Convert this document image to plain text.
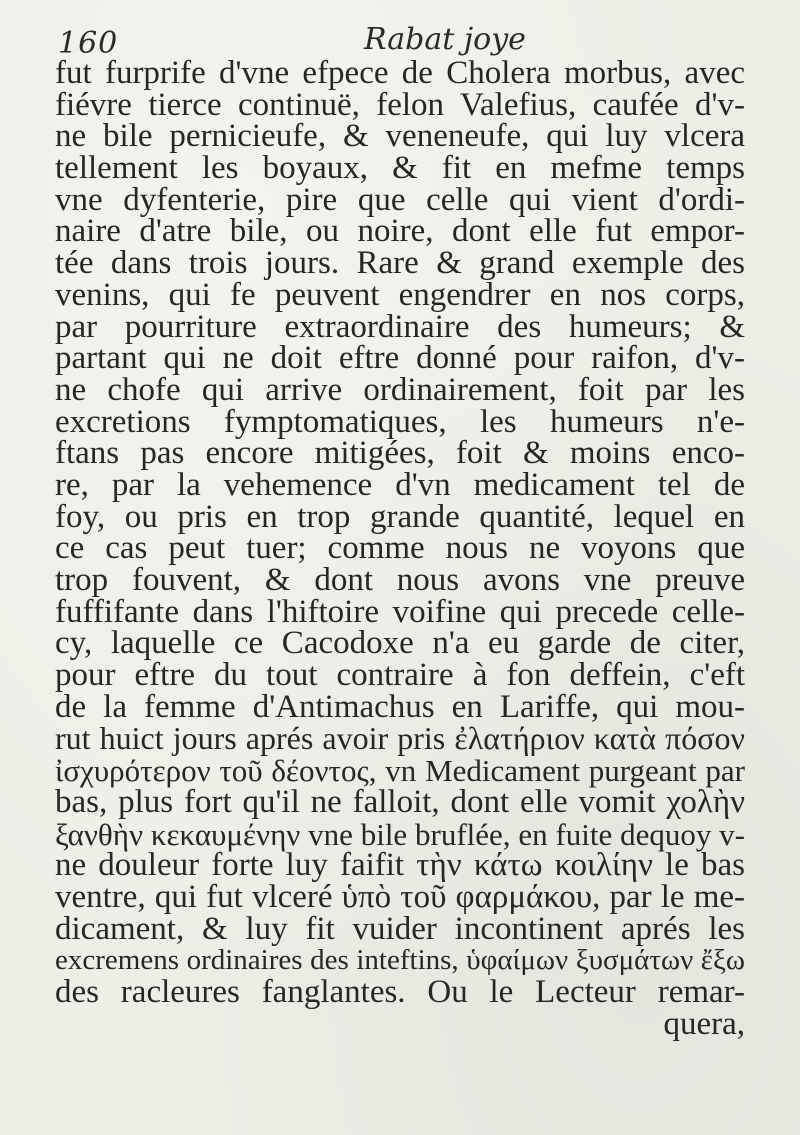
160	Rabat joye
fut furprife d'vne efpece de Cholera morbus, avec
fiévre tierce continuë, felon Valefius, caufée d'v-
ne bile pernicieufe, & veneneufe, qui luy vlcera
tellement les boyaux, & fit en mefme temps
vne dyfenterie, pire que celle qui vient d'ordi-
naire d'atre bile, ou noire, dont elle fut empor-
tée dans trois jours. Rare & grand exemple des
venins, qui fe peuvent engendrer en nos corps,
par pourriture extraordinaire des humeurs; &
partant qui ne doit eftre donné pour raifon, d'v-
ne chofe qui arrive ordinairement, foit par les
excretions fymptomatiques, les humeurs n'e-
ftans pas encore mitigées, foit & moins enco-
re, par la vehemence d'vn medicament tel de
foy, ou pris en trop grande quantité, lequel en
ce cas peut tuer; comme nous ne voyons que
trop fouvent, & dont nous avons vne preuve
fuffifante dans l'hiftoire voifine qui precede celle-
cy, laquelle ce Cacodoxe n'a eu garde de citer,
pour eftre du tout contraire à fon deffein, c'eft
de la femme d'Antimachus en Lariffe, qui mou-
rut huict jours aprés avoir pris ἐλατήριον κατὰ πόσον
ἰσχυρότερον τοῦ δέοντος, vn Medicament purgeant par
bas, plus fort qu'il ne falloit, dont elle vomit χολὴν
ξανθὴν κεκαυμένην vne bile bruflée, en fuite dequoy v-
ne douleur forte luy faifit τὴν κάτω κοιλίην le bas
ventre, qui fut vlceré ὑπὸ τοῦ φαρμάκου, par le me-
dicament, & luy fit vuider incontinent aprés les
excremens ordinaires des inteftins, ὑφαίμων ξυσμάτων ἔξω
des racleures fanglantes. Ou le Lecteur remar-
quera,
